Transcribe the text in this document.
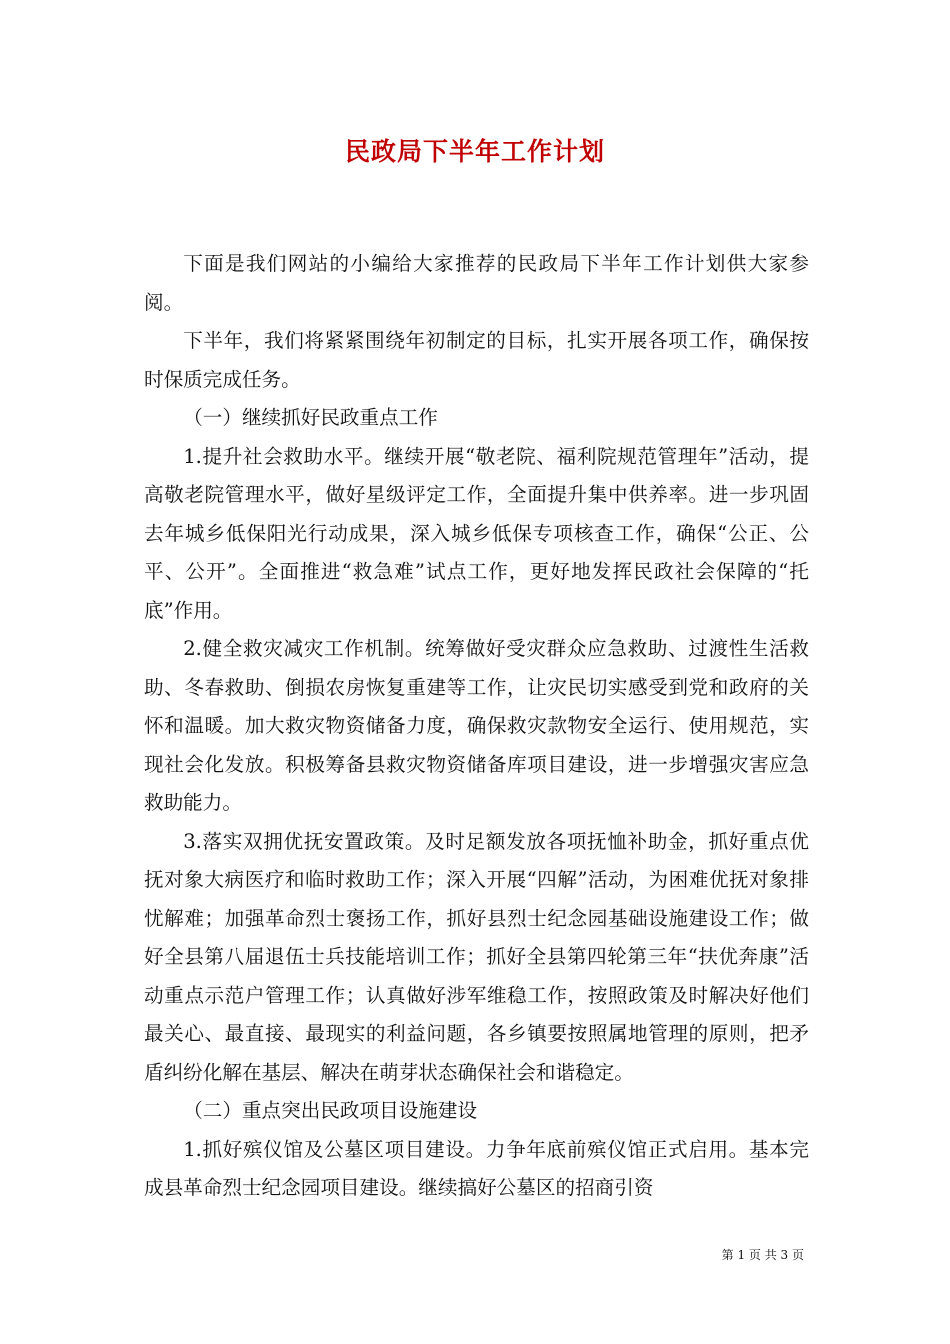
民政局下半年工作计划

下面是我们网站的小编给大家推荐的民政局下半年工作计划供大家参阅。

下半年，我们将紧紧围绕年初制定的目标，扎实开展各项工作，确保按时保质完成任务。

（一）继续抓好民政重点工作

1.提升社会救助水平。继续开展“敬老院、福利院规范管理年”活动，提高敬老院管理水平，做好星级评定工作，全面提升集中供养率。进一步巩固去年城乡低保阳光行动成果，深入城乡低保专项核查工作，确保“公正、公平、公开”。全面推进“救急难”试点工作，更好地发挥民政社会保障的“托底”作用。

2.健全救灾减灾工作机制。统筹做好受灾群众应急救助、过渡性生活救助、冬春救助、倒损农房恢复重建等工作，让灾民切实感受到党和政府的关怀和温暖。加大救灾物资储备力度，确保救灾款物安全运行、使用规范，实现社会化发放。积极筹备县救灾物资储备库项目建设，进一步增强灾害应急救助能力。

3.落实双拥优抚安置政策。及时足额发放各项抚恤补助金，抓好重点优抚对象大病医疗和临时救助工作；深入开展“四解”活动，为困难优抚对象排忧解难；加强革命烈士褒扬工作，抓好县烈士纪念园基础设施建设工作；做好全县第八届退伍士兵技能培训工作；抓好全县第四轮第三年“扶优奔康”活动重点示范户管理工作；认真做好涉军维稳工作，按照政策及时解决好他们最关心、最直接、最现实的利益问题，各乡镇要按照属地管理的原则，把矛盾纠纷化解在基层、解决在萌芽状态确保社会和谐稳定。

（二）重点突出民政项目设施建设

1.抓好殡仪馆及公墓区项目建设。力争年底前殡仪馆正式启用。基本完成县革命烈士纪念园项目建设。继续搞好公墓区的招商引资

第 1 页 共 3 页
